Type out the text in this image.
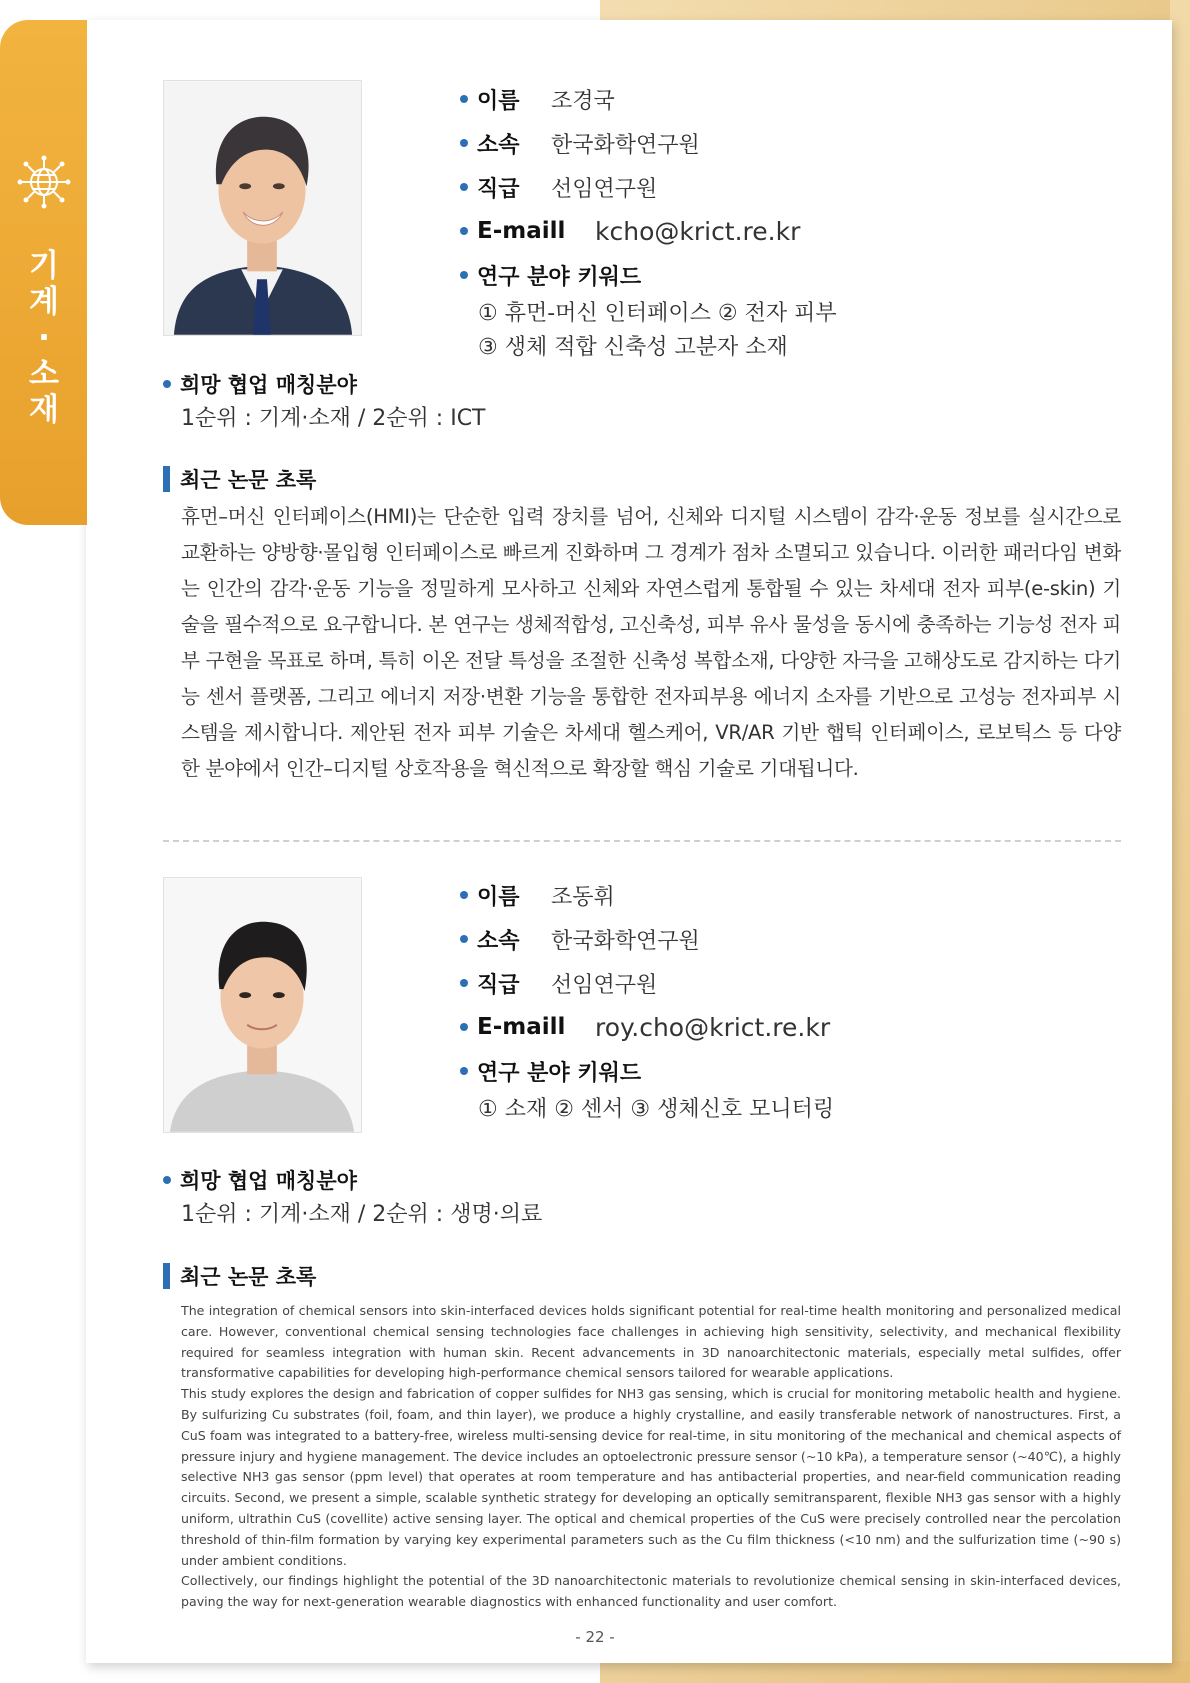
기
계
·
소
재
이름	조경국
소속	한국화학연구원
직급	선임연구원
E-maill	kcho@krict.re.kr
연구 분야 키워드
① 휴먼-머신 인터페이스 ② 전자 피부
③ 생체 적합 신축성 고분자 소재
희망 협업 매칭분야
1순위 : 기계·소재 / 2순위 : ICT
최근 논문 초록
휴먼–머신 인터페이스(HMI)는 단순한 입력 장치를 넘어, 신체와 디지털 시스템이 감각·운동 정보를 실시간으로 교환하는 양방향·몰입형 인터페이스로 빠르게 진화하며 그 경계가 점차 소멸되고 있습니다. 이러한 패러다임 변화는 인간의 감각·운동 기능을 정밀하게 모사하고 신체와 자연스럽게 통합될 수 있는 차세대 전자 피부(e-skin) 기술을 필수적으로 요구합니다. 본 연구는 생체적합성, 고신축성, 피부 유사 물성을 동시에 충족하는 기능성 전자 피부 구현을 목표로 하며, 특히 이온 전달 특성을 조절한 신축성 복합소재, 다양한 자극을 고해상도로 감지하는 다기능 센서 플랫폼, 그리고 에너지 저장·변환 기능을 통합한 전자피부용 에너지 소자를 기반으로 고성능 전자피부 시스템을 제시합니다. 제안된 전자 피부 기술은 차세대 헬스케어, VR/AR 기반 햅틱 인터페이스, 로보틱스 등 다양한 분야에서 인간–디지털 상호작용을 혁신적으로 확장할 핵심 기술로 기대됩니다.
이름	조동휘
소속	한국화학연구원
직급	선임연구원
E-maill	roy.cho@krict.re.kr
연구 분야 키워드
① 소재 ② 센서 ③ 생체신호 모니터링
희망 협업 매칭분야
1순위 : 기계·소재 / 2순위 : 생명·의료
최근 논문 초록

The integration of chemical sensors into skin-interfaced devices holds significant potential for real-time health monitoring and personalized medical care. However, conventional chemical sensing technologies face challenges in achieving high sensitivity, selectivity, and mechanical flexibility required for seamless integration with human skin. Recent advancements in 3D nanoarchitectonic materials, especially metal sulfides, offer transformative capabilities for developing high-performance chemical sensors tailored for wearable applications.

This study explores the design and fabrication of copper sulfides for NH3 gas sensing, which is crucial for monitoring metabolic health and hygiene. By sulfurizing Cu substrates (foil, foam, and thin layer), we produce a highly crystalline, and easily transferable network of nanostructures. First, a CuS foam was integrated to a battery-free, wireless multi-sensing device for real-time, in situ monitoring of the mechanical and chemical aspects of pressure injury and hygiene management. The device includes an optoelectronic pressure sensor (~10 kPa), a temperature sensor (~40℃), a highly selective NH3 gas sensor (ppm level) that operates at room temperature and has antibacterial properties, and near-field communication reading circuits. Second, we present a simple, scalable synthetic strategy for developing an optically semitransparent, flexible NH3 gas sensor with a highly uniform, ultrathin CuS (covellite) active sensing layer. The optical and chemical properties of the CuS were precisely controlled near the percolation threshold of thin-film formation by varying key experimental parameters such as the Cu film thickness (<10 nm) and the sulfurization time (~90 s) under ambient conditions.

Collectively, our findings highlight the potential of the 3D nanoarchitectonic materials to revolutionize chemical sensing in skin-interfaced devices, paving the way for next-generation wearable diagnostics with enhanced functionality and user comfort.

- 22 -
